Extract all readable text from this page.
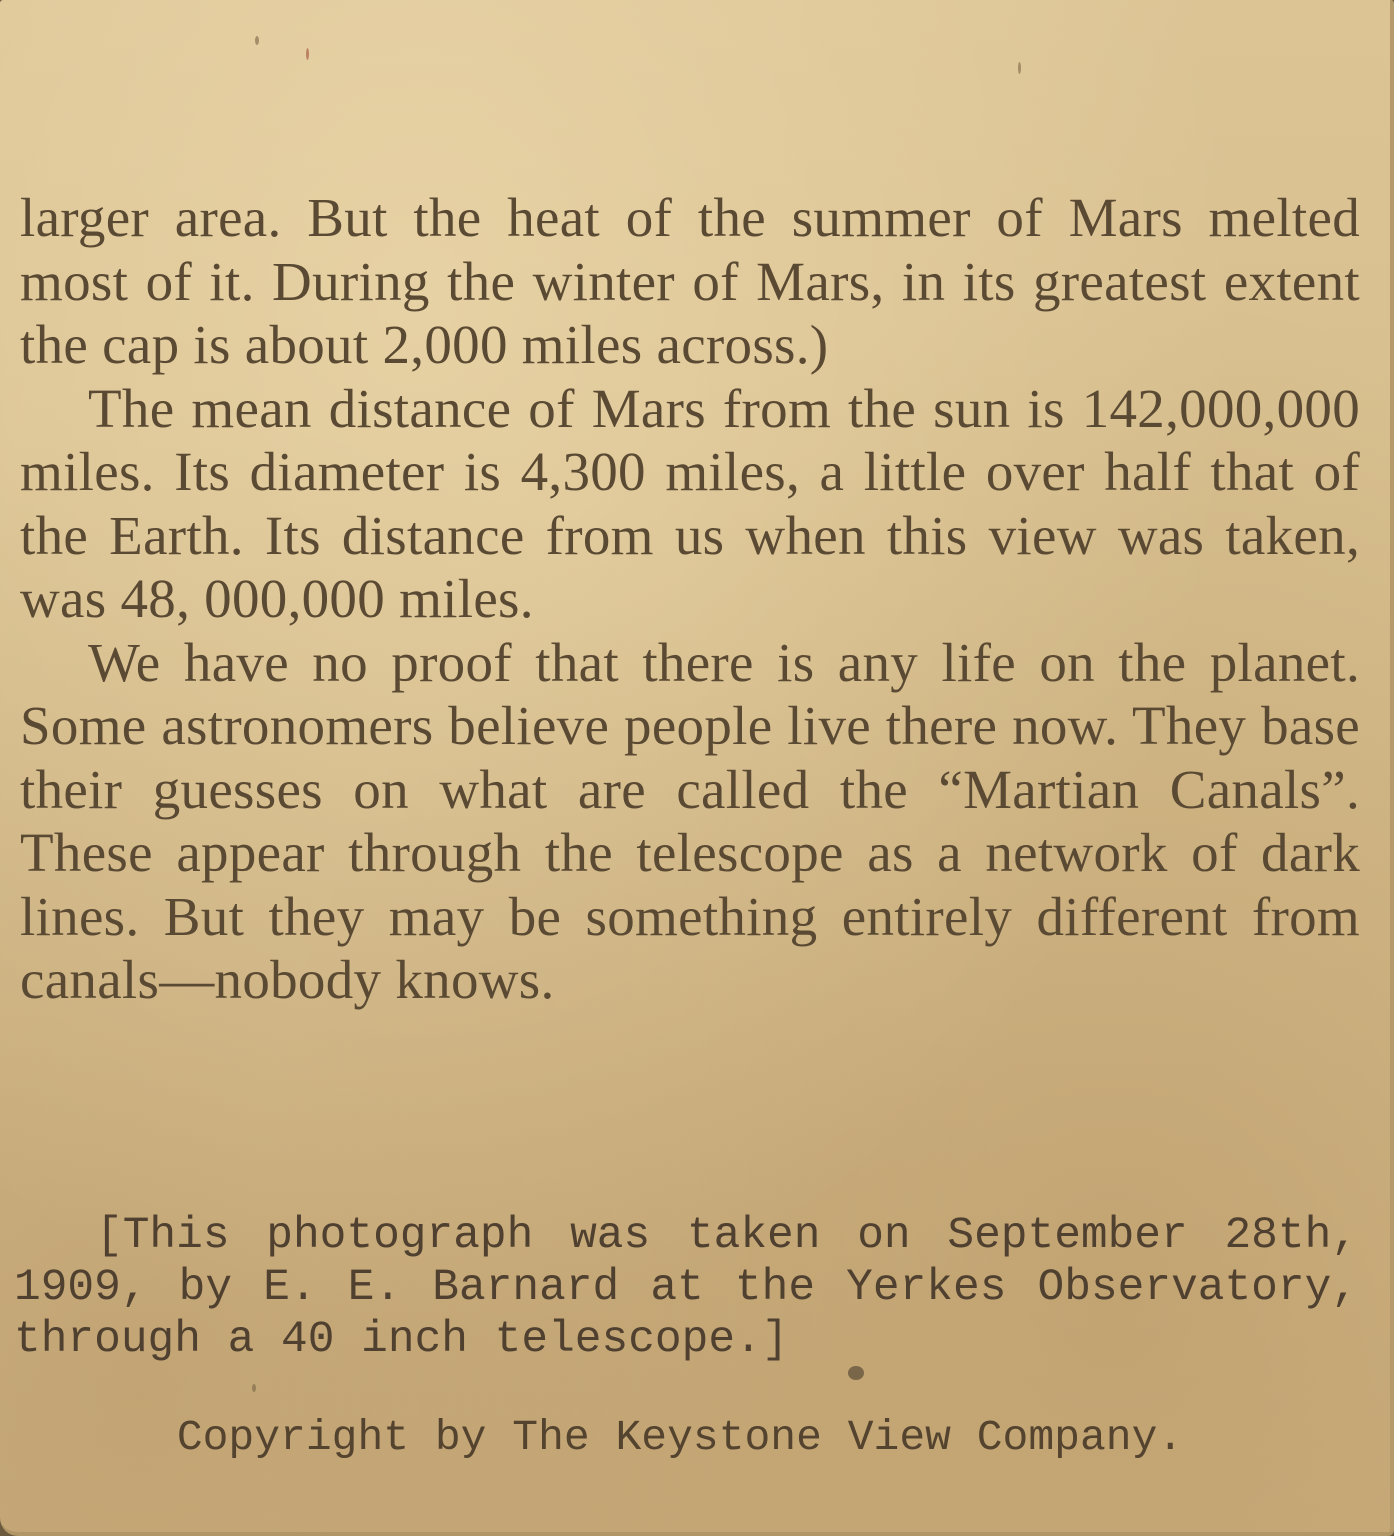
larger area. But the heat of the summer of Mars melted most of it. During the winter of Mars, in its greatest extent the cap is about 2,000 miles across.)

The mean distance of Mars from the sun is 142,000,000 miles. Its diameter is 4,300 miles, a little over half that of the Earth. Its distance from us when this view was taken, was 48, 000,000 miles.

We have no proof that there is any life on the planet. Some astronomers believe people live there now. They base their guesses on what are called the “Martian Canals”. These appear through the telescope as a network of dark lines. But they may be something entirely different from canals—nobody knows.

[This photograph was taken on September 28th, 1909, by E. E. Barnard at the Yerkes Observatory, through a 40 inch telescope.]
Copyright by The Keystone View Company.
